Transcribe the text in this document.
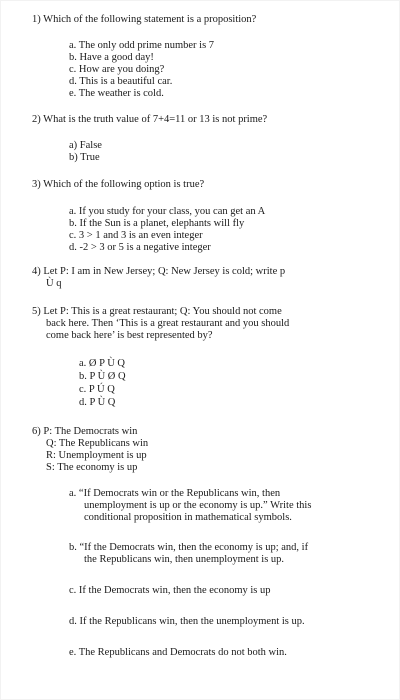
1) Which of the following statement is a proposition?
a. The only odd prime number is 7
b. Have a good day!
c. How are you doing?
d. This is a beautiful car.
e. The weather is cold.
2) What is the truth value of 7+4=11 or 13 is not prime?
a) False
b) True
3) Which of the following option is true?
a. If you study for your class, you can get an A
b. If the Sun is a planet, elephants will fly
c. 3 > 1 and 3 is an even integer
d. -2 > 3 or 5 is a negative integer
4) Let P: I am in New Jersey; Q: New Jersey is cold; write p
Ù q
5) Let P: This is a great restaurant; Q: You should not come
back here. Then ‘This is a great restaurant and you should
come back here’ is best represented by?
a. Ø P Ù Q
b. P Ù Ø Q
c. P Ú Q
d. P Ù Q
6) P: The Democrats win
Q: The Republicans win
R: Unemployment is up
S: The economy is up
a. “If Democrats win or the Republicans win, then
unemployment is up or the economy is up.” Write this
conditional proposition in mathematical symbols.
b. “If the Democrats win, then the economy is up; and, if
the Republicans win, then unemployment is up.
c. If the Democrats win, then the economy is up
d. If the Republicans win, then the unemployment is up.
e. The Republicans and Democrats do not both win.
